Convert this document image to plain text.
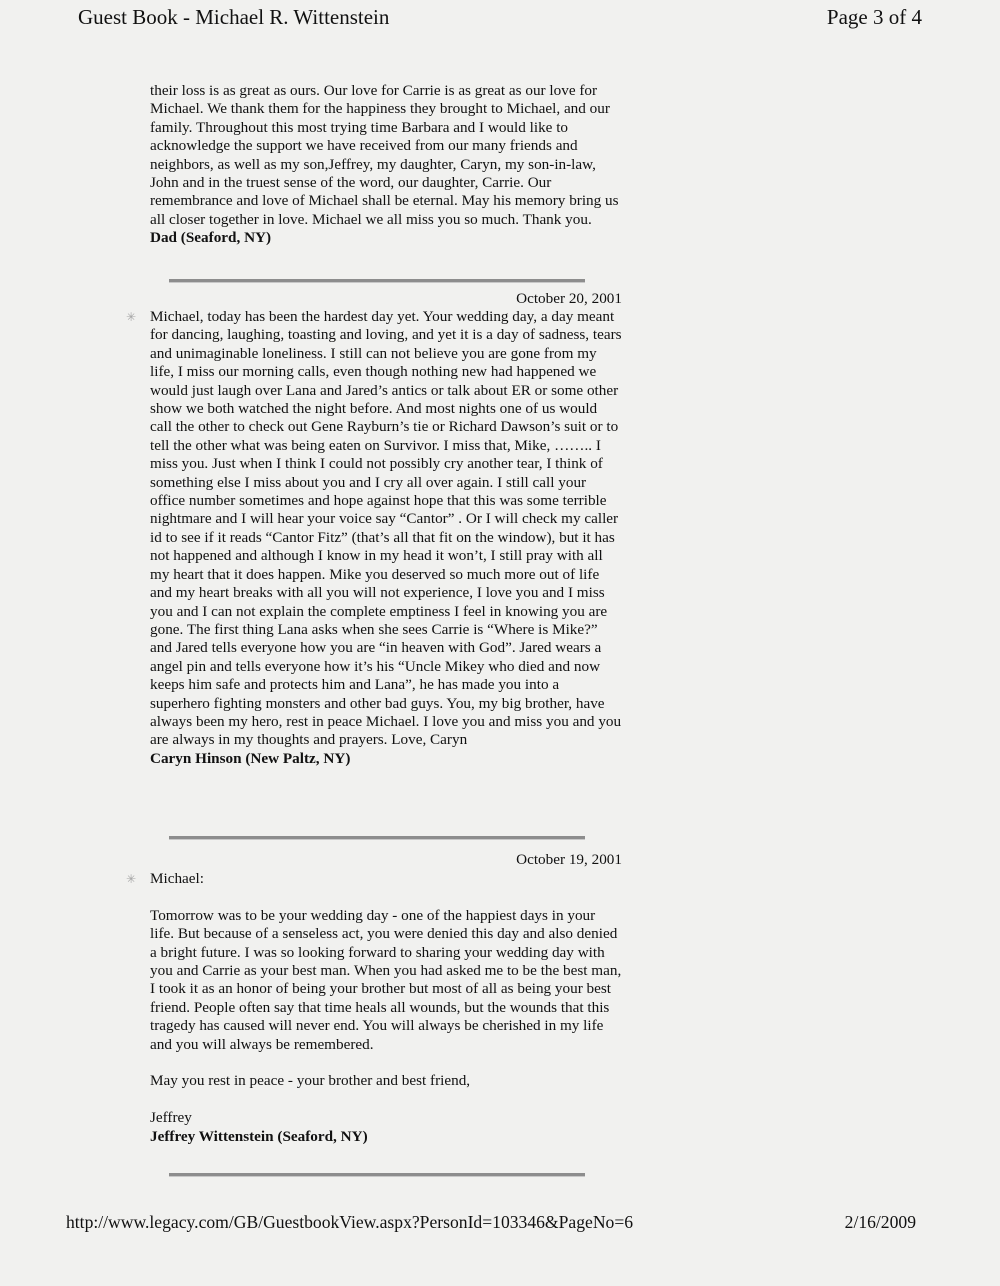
Guest Book - Michael R. Wittenstein	Page 3 of 4

their loss is as great as ours. Our love for Carrie is as great as our love for Michael. We thank them for the happiness they brought to Michael, and our family. Throughout this most trying time Barbara and I would like to acknowledge the support we have received from our many friends and neighbors, as well as my son,Jeffrey, my daughter, Caryn, my son-in-law, John and in the truest sense of the word, our daughter, Carrie. Our remembrance and love of Michael shall be eternal. May his memory bring us all closer together in love. Michael we all miss you so much. Thank you.

Dad (Seaford, NY)

October 20, 2001
✳ Michael, today has been the hardest day yet. Your wedding day, a day meant for dancing, laughing, toasting and loving, and yet it is a day of sadness, tears and unimaginable loneliness. I still can not believe you are gone from my life, I miss our morning calls, even though nothing new had happened we would just laugh over Lana and Jared’s antics or talk about ER or some other show we both watched the night before. And most nights one of us would call the other to check out Gene Rayburn’s tie or Richard Dawson’s suit or to tell the other what was being eaten on Survivor. I miss that, Mike, …….. I miss you. Just when I think I could not possibly cry another tear, I think of something else I miss about you and I cry all over again. I still call your office number sometimes and hope against hope that this was some terrible nightmare and I will hear your voice say “Cantor” . Or I will check my caller id to see if it reads “Cantor Fitz” (that’s all that fit on the window), but it has not happened and although I know in my head it won’t, I still pray with all my heart that it does happen. Mike you deserved so much more out of life and my heart breaks with all you will not experience, I love you and I miss you and I can not explain the complete emptiness I feel in knowing you are gone. The first thing Lana asks when she sees Carrie is “Where is Mike?” and Jared tells everyone how you are “in heaven with God”. Jared wears a angel pin and tells everyone how it’s his “Uncle Mikey who died and now keeps him safe and protects him and Lana”, he has made you into a superhero fighting monsters and other bad guys. You, my big brother, have always been my hero, rest in peace Michael. I love you and miss you and you are always in my thoughts and prayers. Love, Caryn

Caryn Hinson (New Paltz, NY)

October 19, 2001
✳ Michael:

Tomorrow was to be your wedding day - one of the happiest days in your life. But because of a senseless act, you were denied this day and also denied a bright future. I was so looking forward to sharing your wedding day with you and Carrie as your best man. When you had asked me to be the best man, I took it as an honor of being your brother but most of all as being your best friend. People often say that time heals all wounds, but the wounds that this tragedy has caused will never end. You will always be cherished in my life and you will always be remembered.

May you rest in peace - your brother and best friend,

Jeffrey

Jeffrey Wittenstein (Seaford, NY)

http://www.legacy.com/GB/GuestbookView.aspx?PersonId=103346&PageNo=6	2/16/2009
